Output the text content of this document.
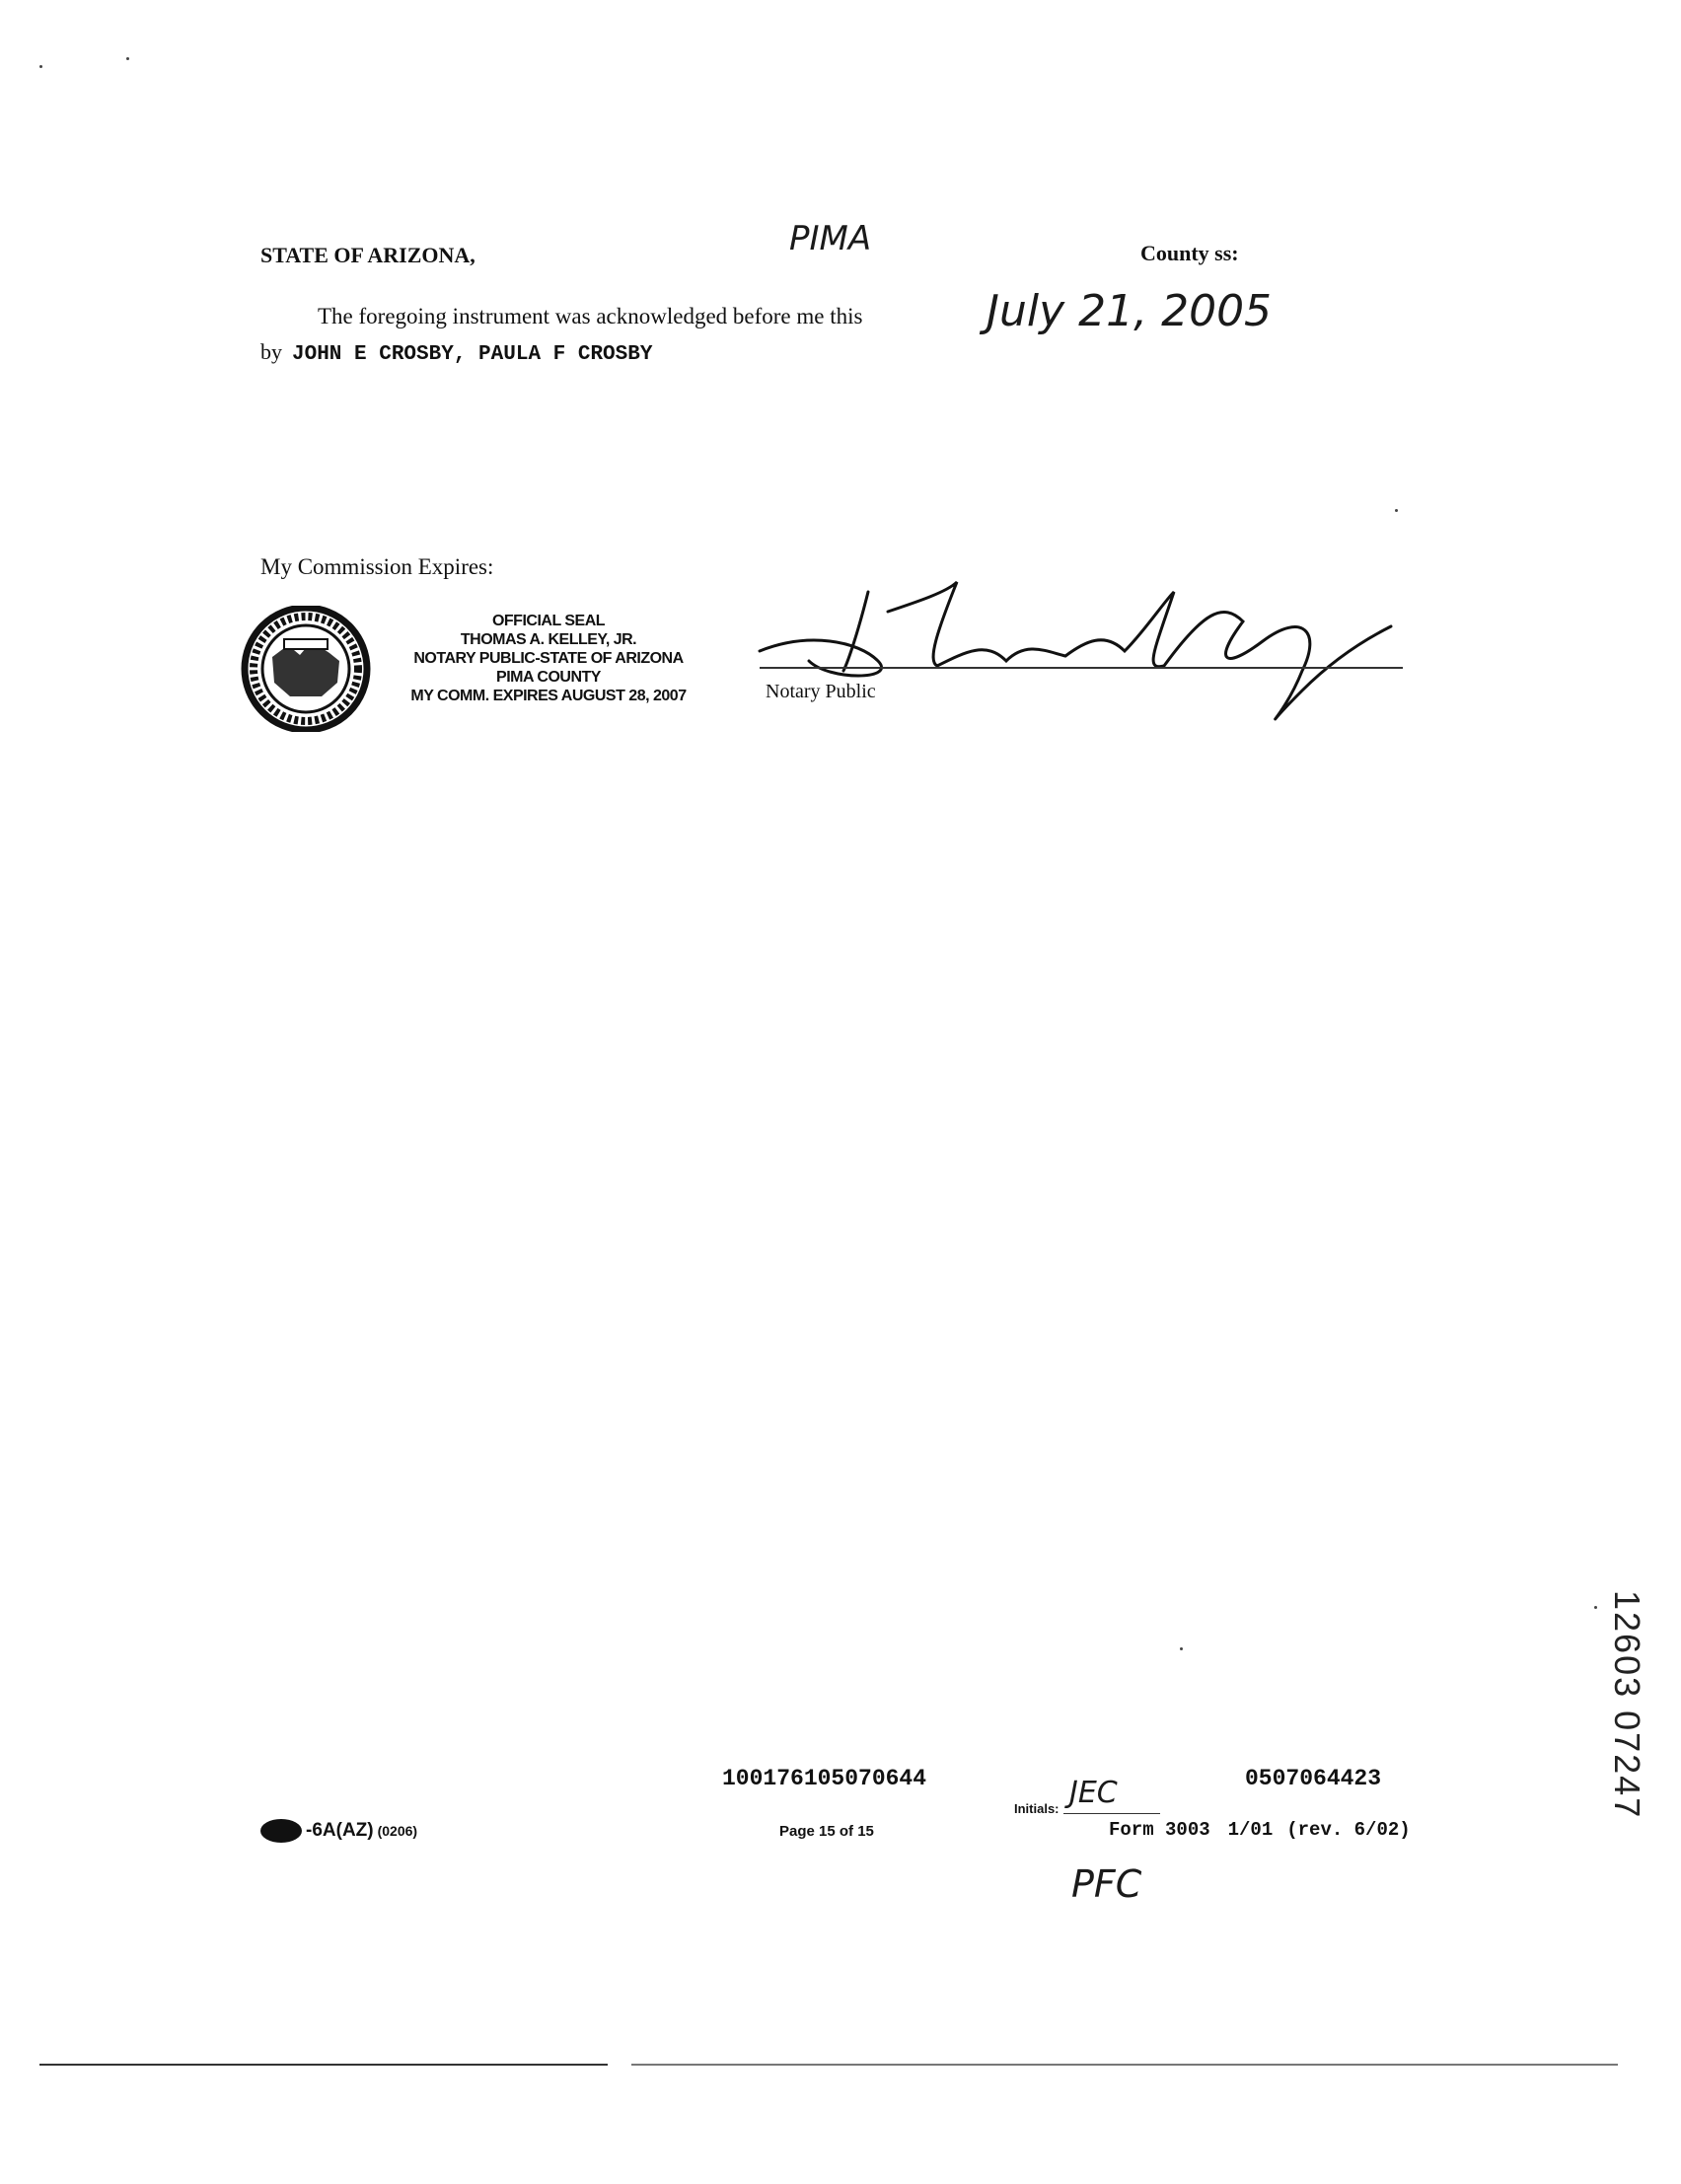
STATE OF ARIZONA,	PIMA	County ss:
The foregoing instrument was acknowledged before me this	July 21, 2005
by JOHN E CROSBY, PAULA F CROSBY
My Commission Expires:
OFFICIAL SEAL
THOMAS A. KELLEY, JR.
NOTARY PUBLIC-STATE OF ARIZONA
PIMA COUNTY
MY COMM. EXPIRES AUGUST 28, 2007	Notary Public
100176105070644	0507064423
-6A(AZ) (0206)	Page 15 of 15
Initials: JEC
Form 3003 1/01 (rev. 6/02)
PFC
12603 07247
